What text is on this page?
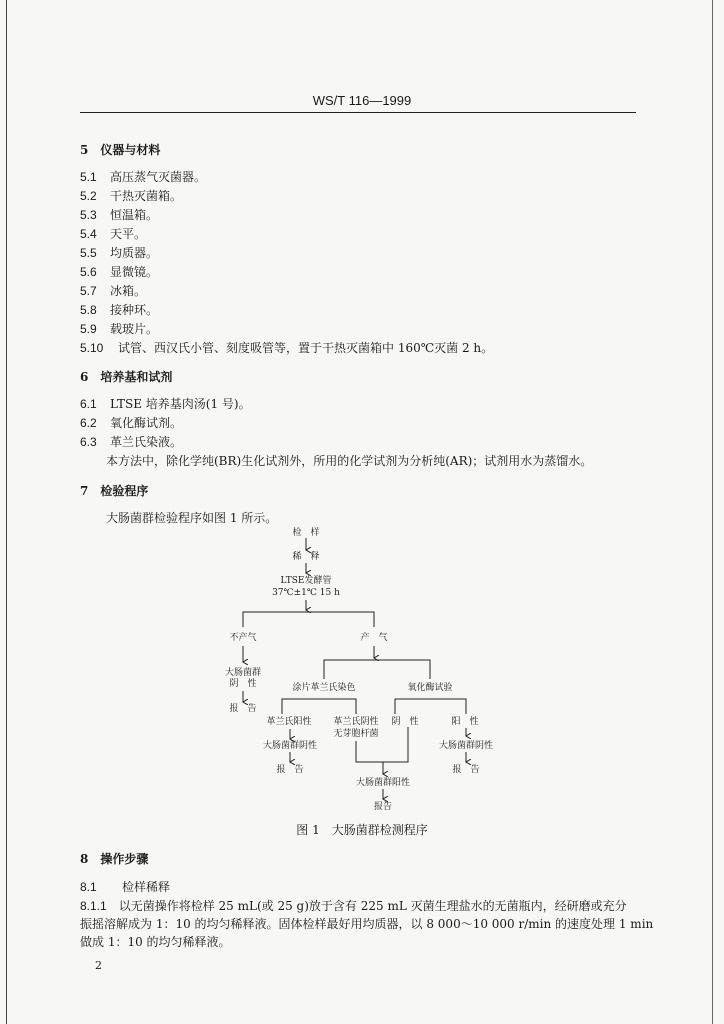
WS/T 116—1999
5　 仪器与材料
5.1 高压蒸气灭菌器。
5.2 干热灭菌箱。
5.3 恒温箱。
5.4 天平。
5.5 均质器。
5.6 显微镜。
5.7 冰箱。
5.8 接种环。
5.9 载玻片。
5.10 试管、西汉氏小管、刻度吸管等，置于干热灭菌箱中 160℃灭菌 2 h。
6　 培养基和试剂
6.1 LTSE 培养基肉汤(1 号)。
6.2 氧化酶试剂。
6.3 革兰氏染液。
本方法中，除化学纯(BR)生化试剂外，所用的化学试剂为分析纯(AR)；试剂用水为蒸馏水。
7　 检验程序
大肠菌群检验程序如图 1 所示。
检　样
稀　释
LTSE发酵管
37℃±1℃ 15 h
不产气	产　气
大肠菌群
阴　性
报　告
涂片革兰氏染色	氧化酶试验
革兰氏阳性	革兰氏阴性
无芽胞杆菌
阴　性	阳　性
大肠菌群阴性	大肠菌群阴性
报　告	报　告
大肠菌群阳性
报告
图 1　大肠菌群检测程序
8　 操作步骤
8.1　 检样稀释
8.1.1　 以无菌操作将检样 25 mL(或 25 g)放于含有 225 mL 灭菌生理盐水的无菌瓶内，经研磨或充分
振摇溶解成为 1：10 的均匀稀释液。固体检样最好用均质器，以 8 000～10 000 r/min 的速度处理 1 min
做成 1：10 的均匀稀释液。
2
